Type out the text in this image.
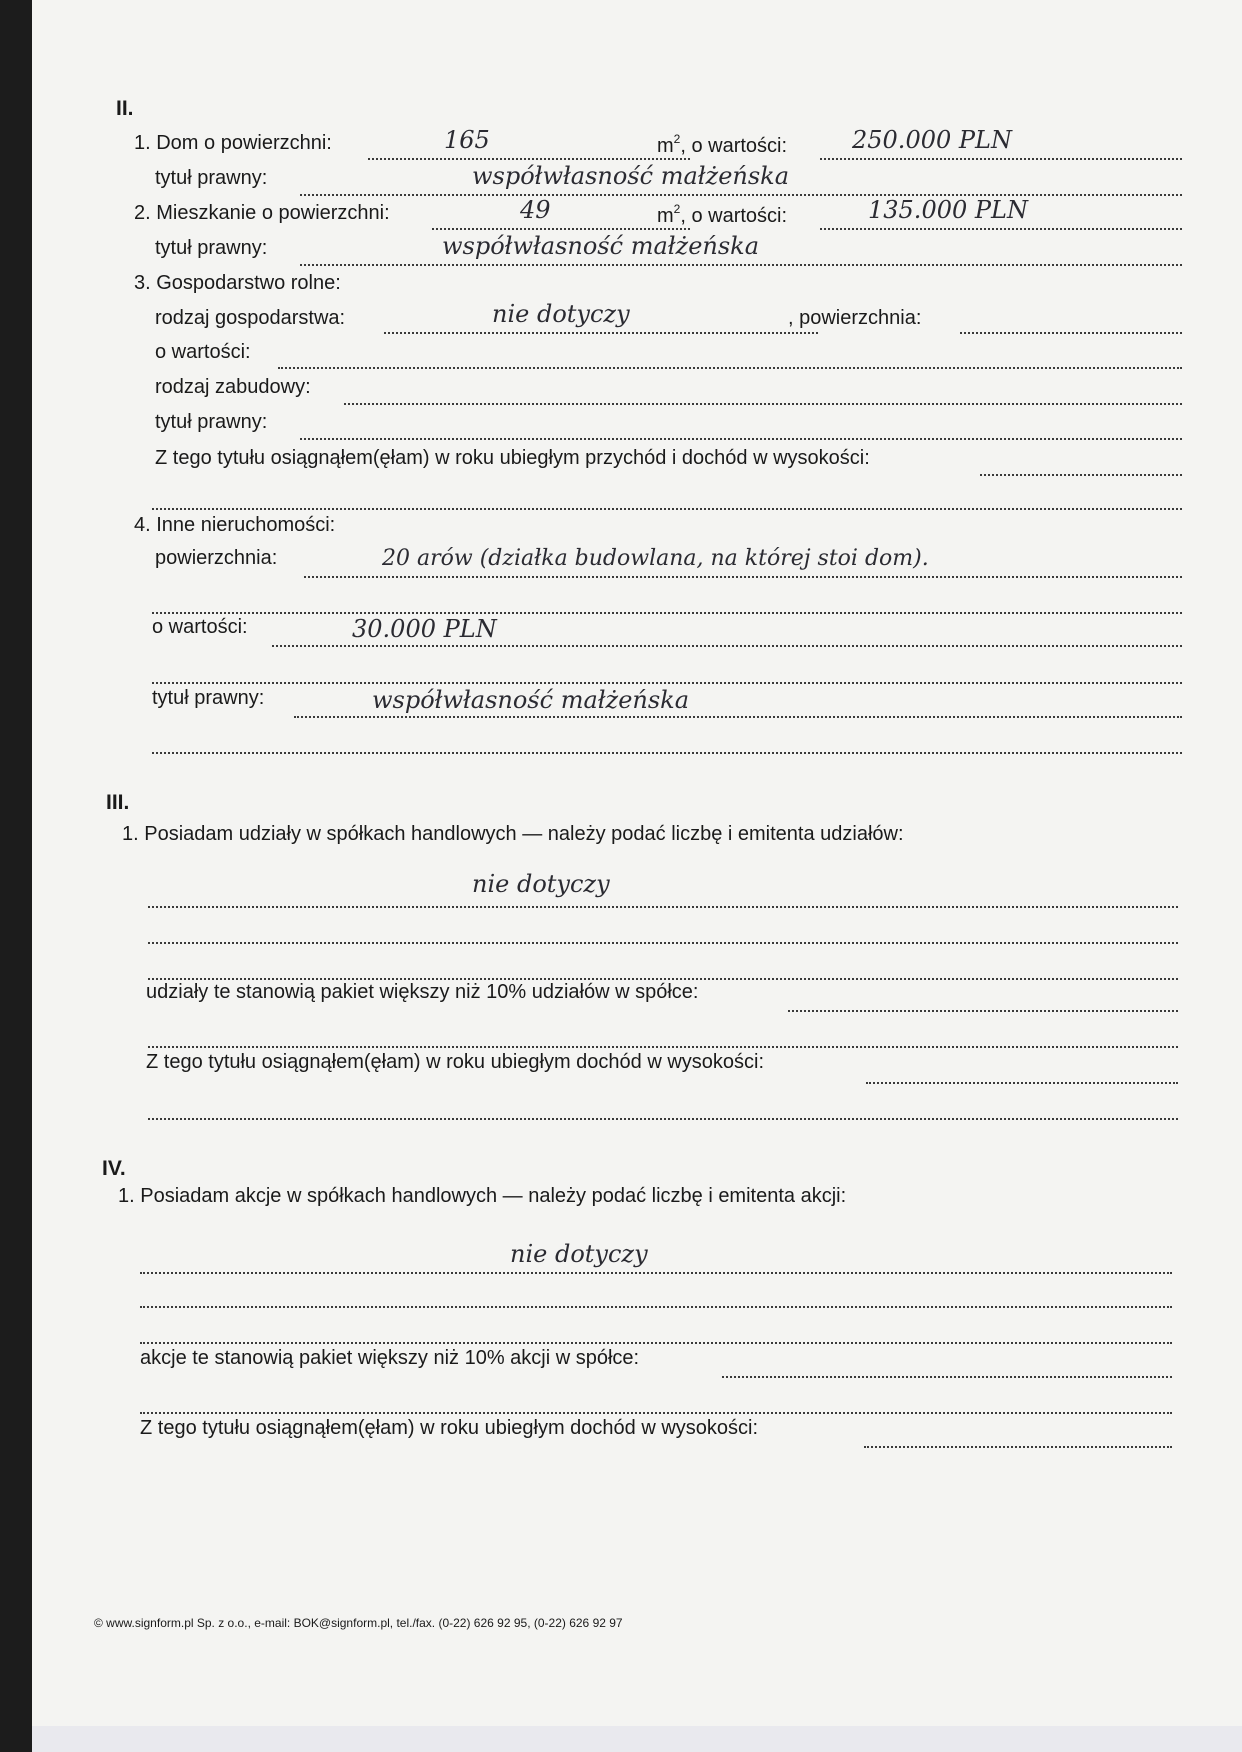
II.
1. Dom o powierzchni:	165	$m^2$, o wartości:	250.000 PLN
tytuł prawny:	współwłasność małżeńska
2. Mieszkanie o powierzchni:	49	$m^2$, o wartości:	135.000 PLN
tytuł prawny:	współwłasność małżeńska
3. Gospodarstwo rolne:
rodzaj gospodarstwa:	nie dotyczy	, powierzchnia:
o wartości:
rodzaj zabudowy:
tytuł prawny:
Z tego tytułu osiągnąłem(ęłam) w roku ubiegłym przychód i dochód w wysokości:
4. Inne nieruchomości:
powierzchnia:	20 arów (działka budowlana, na której stoi dom).
o wartości:	30.000 PLN
tytuł prawny:	współwłasność małżeńska
III.
1. Posiadam udziały w spółkach handlowych — należy podać liczbę i emitenta udziałów:
nie dotyczy
udziały te stanowią pakiet większy niż 10% udziałów w spółce:
Z tego tytułu osiągnąłem(ęłam) w roku ubiegłym dochód w wysokości:
IV.
1. Posiadam akcje w spółkach handlowych — należy podać liczbę i emitenta akcji:
nie dotyczy
akcje te stanowią pakiet większy niż 10% akcji w spółce:
Z tego tytułu osiągnąłem(ęłam) w roku ubiegłym dochód w wysokości:
© www.signform.pl Sp. z o.o., e-mail: BOK@signform.pl, tel./fax. (0-22) 626 92 95, (0-22) 626 92 97
